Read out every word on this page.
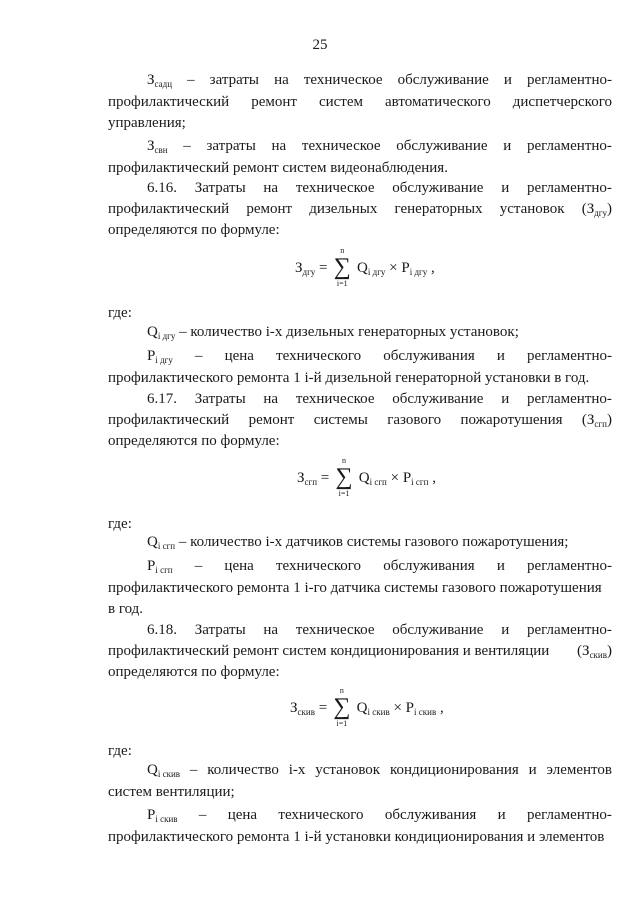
25
$З_{садц}$ – затраты на техническое обслуживание и регламентно-
профилактический ремонт систем автоматического диспетчерского
управления;
$З_{свн}$ – затраты на техническое обслуживание и регламентно-
профилактический ремонт систем видеонаблюдения.
6.16. Затраты на техническое обслуживание и регламентно-
профилактический ремонт дизельных генераторных установок $(З_{дгу})$
определяются по формуле:
$З_{дгу}$ =
n
∑
i=1
$Q_{i дгу} \times P_{i дгу}$ ,
где:
$Q_{i дгу}$ – количество i-х дизельных генераторных установок;
$P_{i дгу}$ – цена технического обслуживания и регламентно-
профилактического ремонта 1 i-й дизельной генераторной установки в год.
6.17. Затраты на техническое обслуживание и регламентно-
профилактический ремонт системы газового пожаротушения $(З_{сгп})$
определяются по формуле:
$З_{сгп}$ =
n
∑
i=1
$Q_{i сгп} \times P_{i сгп}$ ,
где:
$Q_{i сгп}$ – количество i-х датчиков системы газового пожаротушения;
$P_{i сгп}$ – цена технического обслуживания и регламентно-
профилактического ремонта 1 i-го датчика системы газового пожаротушения
в год.
6.18. Затраты на техническое обслуживание и регламентно-
профилактический ремонт систем кондиционирования и вентиляции $(З_{скив})$
определяются по формуле:
$З_{скив}$ =
n
∑
i=1
$Q_{i скив} \times P_{i скив}$ ,
где:
$Q_{i скив}$ – количество i-х установок кондиционирования и элементов
систем вентиляции;
$P_{i скив}$ – цена технического обслуживания и регламентно-
профилактического ремонта 1 i-й установки кондиционирования и элементов
